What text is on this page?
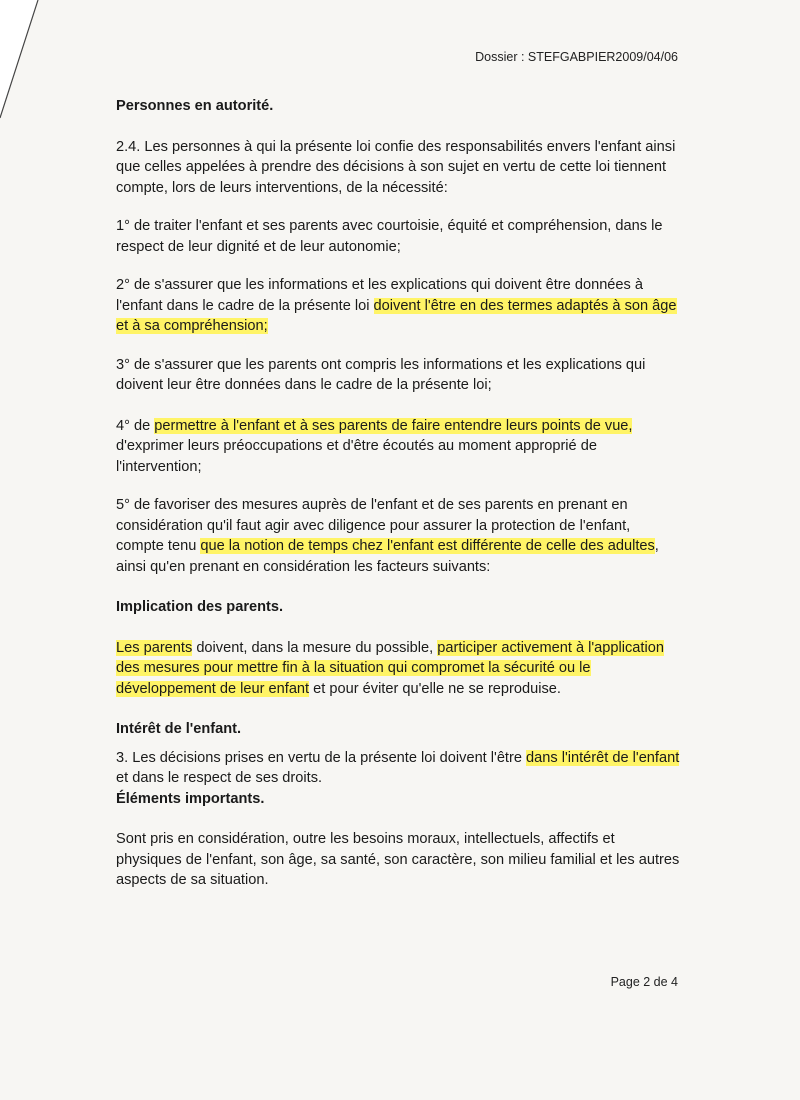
Dossier : STEFGABPIER2009/04/06

Personnes en autorité.

2.4. Les personnes à qui la présente loi confie des responsabilités envers l'enfant ainsi que celles appelées à prendre des décisions à son sujet en vertu de cette loi tiennent compte, lors de leurs interventions, de la nécessité:

1° de traiter l'enfant et ses parents avec courtoisie, équité et compréhension, dans le respect de leur dignité et de leur autonomie;

2° de s'assurer que les informations et les explications qui doivent être données à l'enfant dans le cadre de la présente loi doivent l'être en des termes adaptés à son âge et à sa compréhension;

3° de s'assurer que les parents ont compris les informations et les explications qui doivent leur être données dans le cadre de la présente loi;

4° de permettre à l'enfant et à ses parents de faire entendre leurs points de vue, d'exprimer leurs préoccupations et d'être écoutés au moment approprié de l'intervention;

5° de favoriser des mesures auprès de l'enfant et de ses parents en prenant en considération qu'il faut agir avec diligence pour assurer la protection de l'enfant, compte tenu que la notion de temps chez l'enfant est différente de celle des adultes, ainsi qu'en prenant en considération les facteurs suivants:

Implication des parents.

Les parents doivent, dans la mesure du possible, participer activement à l'application des mesures pour mettre fin à la situation qui compromet la sécurité ou le développement de leur enfant et pour éviter qu'elle ne se reproduise.

Intérêt de l'enfant.

3. Les décisions prises en vertu de la présente loi doivent l'être dans l'intérêt de l'enfant et dans le respect de ses droits.

Éléments importants.

Sont pris en considération, outre les besoins moraux, intellectuels, affectifs et physiques de l'enfant, son âge, sa santé, son caractère, son milieu familial et les autres aspects de sa situation.

Page 2 de 4
